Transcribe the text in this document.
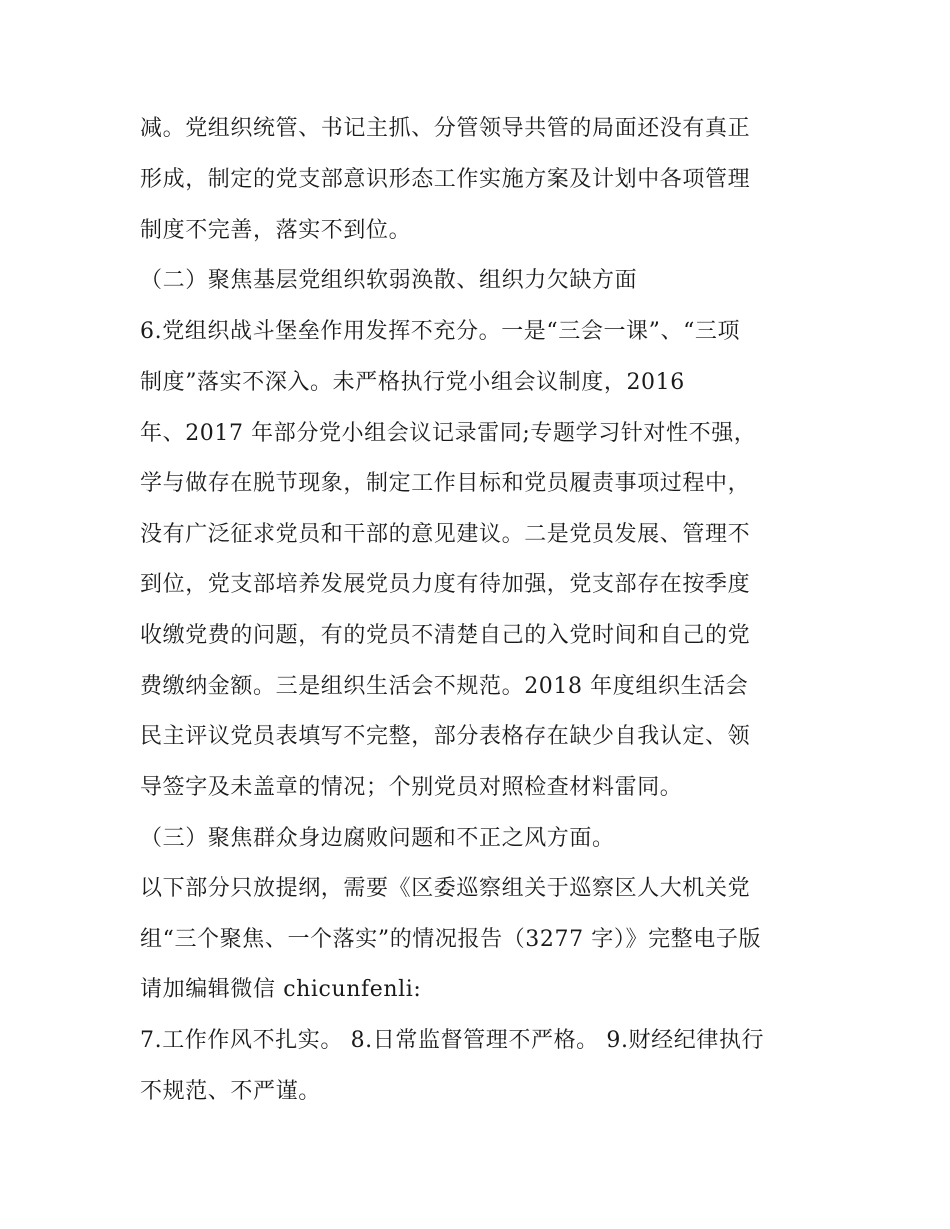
减。党组织统管、书记主抓、分管领导共管的局面还没有真正
形成，制定的党支部意识形态工作实施方案及计划中各项管理
制度不完善，落实不到位。
（二）聚焦基层党组织软弱涣散、组织力欠缺方面
6.党组织战斗堡垒作用发挥不充分。一是“三会一课”、“三项
制度”落实不深入。未严格执行党小组会议制度，2016
年、2017 年部分党小组会议记录雷同;专题学习针对性不强，
学与做存在脱节现象，制定工作目标和党员履责事项过程中，
没有广泛征求党员和干部的意见建议。二是党员发展、管理不
到位，党支部培养发展党员力度有待加强，党支部存在按季度
收缴党费的问题，有的党员不清楚自己的入党时间和自己的党
费缴纳金额。三是组织生活会不规范。2018 年度组织生活会
民主评议党员表填写不完整，部分表格存在缺少自我认定、领
导签字及未盖章的情况；个别党员对照检查材料雷同。
（三）聚焦群众身边腐败问题和不正之风方面。
以下部分只放提纲，需要《区委巡察组关于巡察区人大机关党
组“三个聚焦、一个落实”的情况报告（3277 字）》完整电子版
请加编辑微信 chicunfenli:
7.工作作风不扎实。 8.日常监督管理不严格。 9.财经纪律执行
不规范、不严谨。
